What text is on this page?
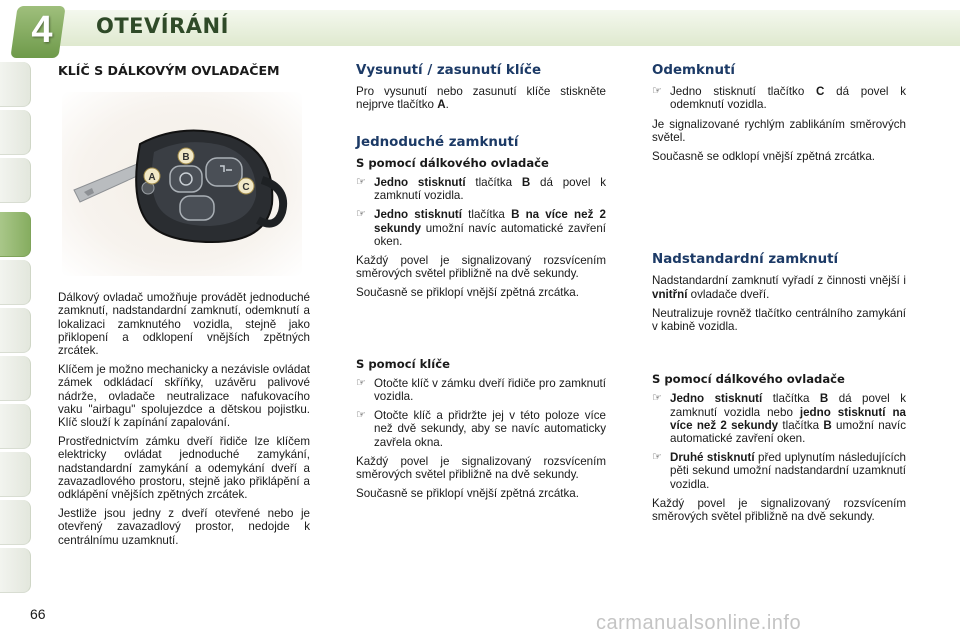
4	OTEVÍRÁNÍ
B
A
C
KLÍČ S DÁLKOVÝM OVLADAČEM

Dálkový ovladač umožňuje provádět jednoduché zamknutí, nadstandardní zamknutí, odemknutí a lokalizaci zamknutého vozidla, stejně jako přiklopení a odklopení vnějších zpětných zrcátek.

Klíčem je možno mechanicky a nezávisle ovládat zámek odkládací skříňky, uzávěru palivové nádrže, ovladače neutralizace nafukovacího vaku "airbagu" spolujezdce a dětskou pojistku. Klíč slouží k zapínání zapalování.

Prostřednictvím zámku dveří řidiče lze klíčem elektricky ovládat jednoduché zamykání, nadstandardní zamykání a odemykání dveří a zavazadlového prostoru, stejně jako přiklápění a odklápění vnějších zpětných zrcátek.

Jestliže jsou jedny z dveří otevřené nebo je otevřený zavazadlový prostor, nedojde k centrálnímu uzamknutí.

Vysunutí / zasunutí klíče

Pro vysunutí nebo zasunutí klíče stiskněte nejprve tlačítko A.

Jednoduché zamknutí
S pomocí dálkového ovladače
☞ Jedno stisknutí tlačítka B dá povel k zamknutí vozidla.
☞ Jedno stisknutí tlačítka B na více než 2 sekundy umožní navíc automatické zavření oken.

Každý povel je signalizovaný rozsvícením směrových světel přibližně na dvě sekundy.

Současně se přiklopí vnější zpětná zrcátka.

S pomocí klíče
☞ Otočte klíč v zámku dveří řidiče pro zamknutí vozidla.
☞ Otočte klíč a přidržte jej v této poloze více než dvě sekundy, aby se navíc automaticky zavřela okna.

Každý povel je signalizovaný rozsvícením směrových světel přibližně na dvě sekundy.

Současně se přiklopí vnější zpětná zrcátka.

Odemknutí
☞ Jedno stisknutí tlačítko C dá povel k odemknutí vozidla.

Je signalizované rychlým zablikáním směrových světel.

Současně se odklopí vnější zpětná zrcátka.

Nadstandardní zamknutí

Nadstandardní zamknutí vyřadí z činnosti vnější i vnitřní ovladače dveří.

Neutralizuje rovněž tlačítko centrálního zamykání v kabině vozidla.

S pomocí dálkového ovladače
☞ Jedno stisknutí tlačítka B dá povel k zamknutí vozidla nebo jedno stisknutí na více než 2 sekundy tlačítka B umožní navíc automatické zavření oken.
☞ Druhé stisknutí před uplynutím následujících pěti sekund umožní nadstandardní uzamknutí vozidla.

Každý povel je signalizovaný rozsvícením směrových světel přibližně na dvě sekundy.

66	carmanualsonline.info
